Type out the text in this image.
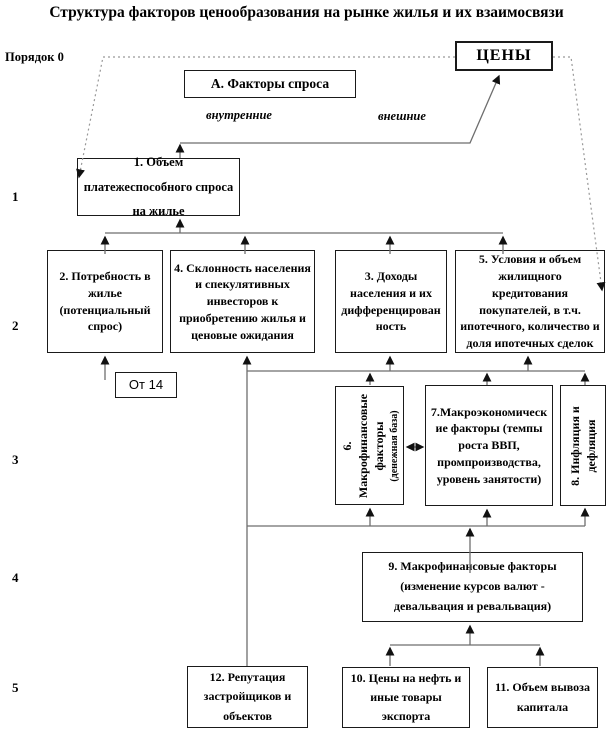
Структура факторов ценообразования на рынке жилья и их взаимосвязи
Порядок 0
1
2
3
4
5
ЦЕНЫ
А. Факторы спроса
внутренние	внешние
1. Объем платежеспособного спроса на жилье
2. Потребность в жилье (потенциальный спрос)
4. Склонность населения и спекулятивных инвесторов к приобретению жилья и ценовые ожидания
3. Доходы населения и их дифференцированность
5. Условия и объем жилищного кредитования покупателей, в т.ч. ипотечного, количество и доля ипотечных сделок
От 14
6. Макрофинансовые факторы (денежная база)	7.Макроэкономические факторы (темпы роста ВВП, промпроизводства, уровень занятости)	8. Инфляция и дефляция
9. Макрофинансовые факторы (изменение курсов валют - девальвация и ревальвация)
12. Репутация застройщиков и объектов
10. Цены на нефть и иные товары экспорта
11. Объем вывоза капитала
